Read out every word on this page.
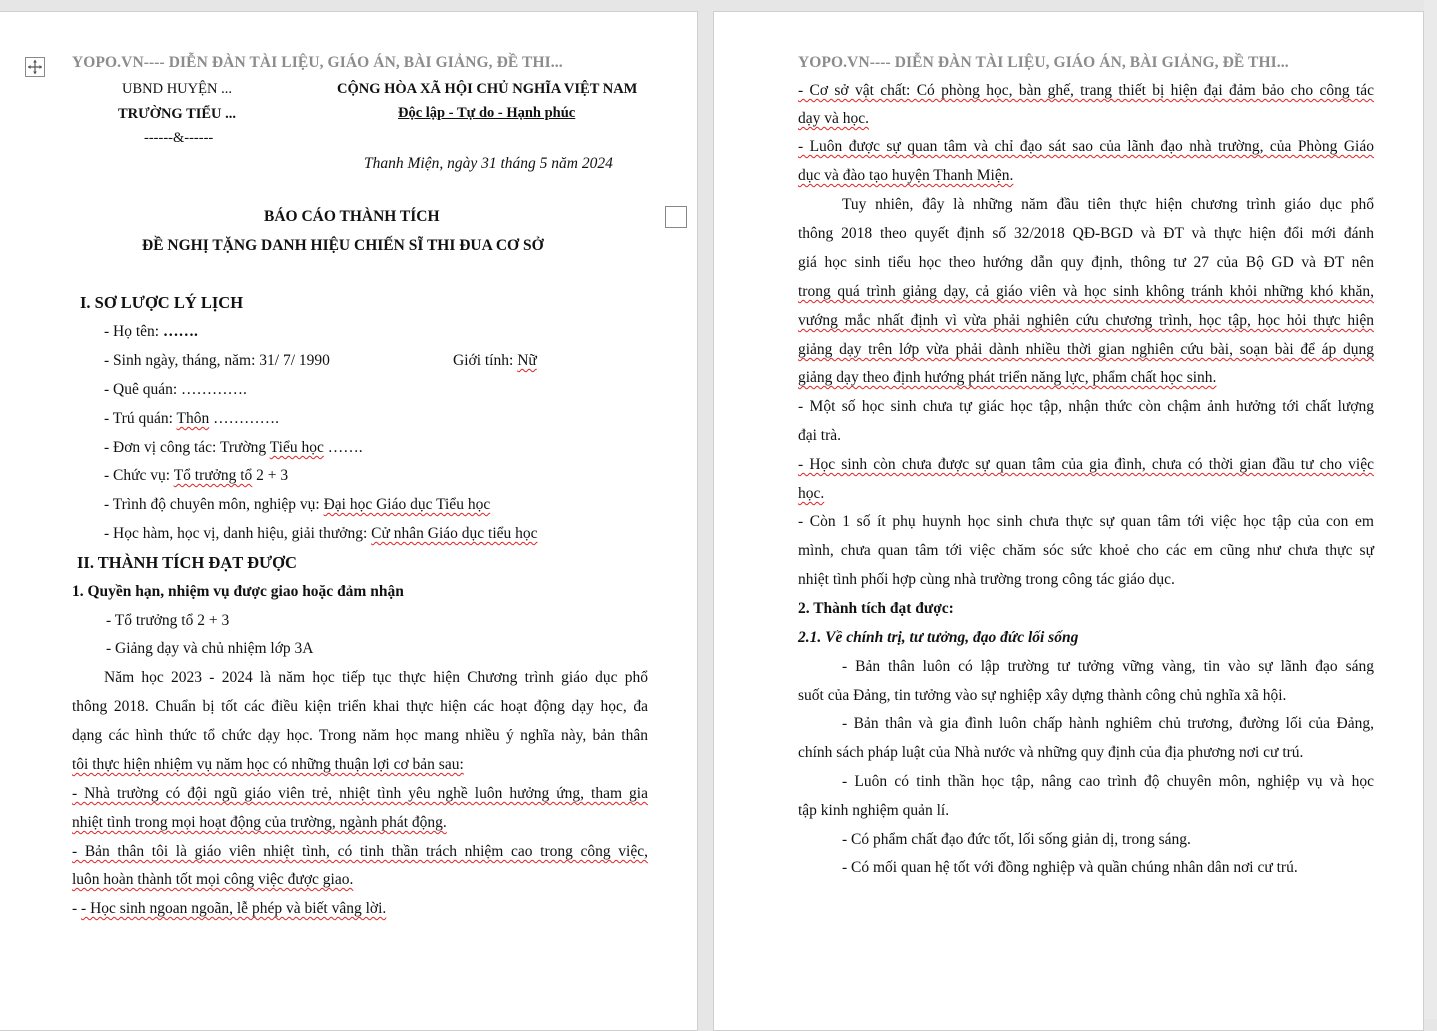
YOPO.VN---- DIỄN ĐÀN TÀI LIỆU, GIÁO ÁN, BÀI GIẢNG, ĐỀ THI...
UBND HUYỆN ...
TRƯỜNG TIỂU ...
------&------
CỘNG HÒA XÃ HỘI CHỦ NGHĨA VIỆT NAM
Độc lập - Tự do - Hạnh phúc
Thanh Miện, ngày 31 tháng 5 năm 2024
BÁO CÁO THÀNH TÍCH
ĐỀ NGHỊ TẶNG DANH HIỆU CHIẾN SĨ THI ĐUA CƠ SỞ
I. SƠ LƯỢC LÝ LỊCH
- Họ tên: …….
- Sinh ngày, tháng, năm: 31/ 7/ 1990	Giới tính: Nữ
- Quê quán: ………….
- Trú quán: Thôn ………….
- Đơn vị công tác: Trường Tiểu học …….
- Chức vụ: Tổ trưởng tổ 2 + 3
- Trình độ chuyên môn, nghiệp vụ: Đại học Giáo dục Tiểu học
- Học hàm, học vị, danh hiệu, giải thưởng: Cử nhân Giáo dục tiểu học
II. THÀNH TÍCH ĐẠT ĐƯỢC
1. Quyền hạn, nhiệm vụ được giao hoặc đảm nhận
- Tổ trưởng tổ 2 + 3
- Giảng dạy và chủ nhiệm lớp 3A
Năm học 2023 - 2024 là năm học tiếp tục thực hiện Chương trình giáo dục phổ
thông 2018. Chuẩn bị tốt các điều kiện triển khai thực hiện các hoạt động dạy học, đa
dạng các hình thức tổ chức dạy học. Trong năm học mang nhiều ý nghĩa này, bản thân
tôi thực hiện nhiệm vụ năm học có những thuận lợi cơ bản sau:
- Nhà trường có đội ngũ giáo viên trẻ, nhiệt tình yêu nghề luôn hưởng ứng, tham gia
nhiệt tình trong mọi hoạt động của trường, ngành phát động.
- Bản thân tôi là giáo viên nhiệt tình, có tinh thần trách nhiệm cao trong công việc,
luôn hoàn thành tốt mọi công việc được giao.
- - Học sinh ngoan ngoãn, lễ phép và biết vâng lời.
YOPO.VN---- DIỄN ĐÀN TÀI LIỆU, GIÁO ÁN, BÀI GIẢNG, ĐỀ THI...
- Cơ sở vật chất: Có phòng học, bàn ghế, trang thiết bị hiện đại đảm bảo cho công tác
dạy và học.
- Luôn được sự quan tâm và chỉ đạo sát sao của lãnh đạo nhà trường, của Phòng Giáo
dục và đào tạo huyện Thanh Miện.
Tuy nhiên, đây là những năm đầu tiên thực hiện chương trình giáo dục phổ
thông 2018 theo quyết định số 32/2018 QĐ-BGD và ĐT và thực hiện đổi mới đánh
giá học sinh tiểu học theo hướng dẫn quy định, thông tư 27 của Bộ GD và ĐT nên
trong quá trình giảng dạy, cả giáo viên và học sinh không tránh khỏi những khó khăn,
vướng mắc nhất định vì vừa phải nghiên cứu chương trình, học tập, học hỏi thực hiện
giảng dạy trên lớp vừa phải dành nhiều thời gian nghiên cứu bài, soạn bài để áp dụng
giảng dạy theo định hướng phát triển năng lực, phẩm chất học sinh.
- Một số học sinh chưa tự giác học tập, nhận thức còn chậm ảnh hưởng tới chất lượng
đại trà.
- Học sinh còn chưa được sự quan tâm của gia đình, chưa có thời gian đầu tư cho việc
học.
- Còn 1 số ít phụ huynh học sinh chưa thực sự quan tâm tới việc học tập của con em
mình, chưa quan tâm tới việc chăm sóc sức khoẻ cho các em cũng như chưa thực sự
nhiệt tình phối hợp cùng nhà trường trong công tác giáo dục.
2. Thành tích đạt được:
2.1. Về chính trị, tư tưởng, đạo đức lối sống
- Bản thân luôn có lập trường tư tưởng vững vàng, tin vào sự lãnh đạo sáng
suốt của Đảng, tin tưởng vào sự nghiệp xây dựng thành công chủ nghĩa xã hội.
- Bản thân và gia đình luôn chấp hành nghiêm chủ trương, đường lối của Đảng,
chính sách pháp luật của Nhà nước và những quy định của địa phương nơi cư trú.
- Luôn có tinh thần học tập, nâng cao trình độ chuyên môn, nghiệp vụ và học
tập kinh nghiệm quản lí.
- Có phẩm chất đạo đức tốt, lối sống giản dị, trong sáng.
- Có mối quan hệ tốt với đồng nghiệp và quần chúng nhân dân nơi cư trú.
